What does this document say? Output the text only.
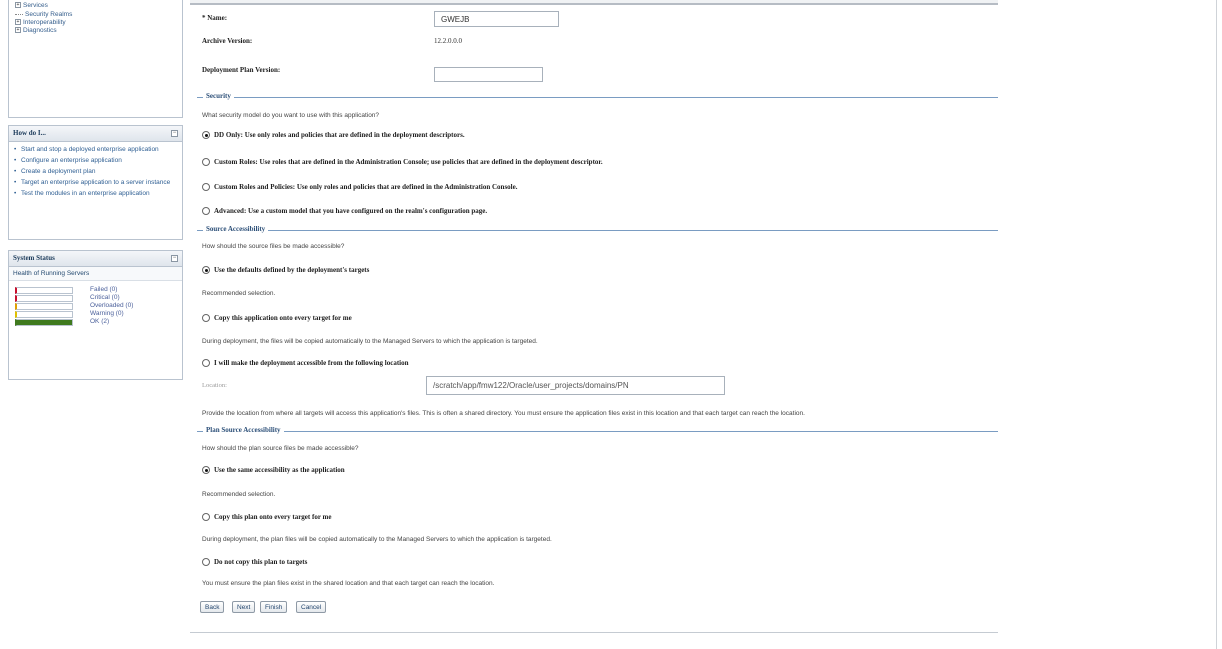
+ Services
Security Realms
+ Interoperability
+ Diagnostics
How do I...	−
• Start and stop a deployed enterprise application
• Configure an enterprise application
• Create a deployment plan
• Target an enterprise application to a server instance
• Test the modules in an enterprise application
System Status	−
Health of Running Servers
Failed (0)
Critical (0)
Overloaded (0)
Warning (0)
OK (2)
* Name:	GWEJB
Archive Version:	12.2.0.0.0
Deployment Plan Version:
Security
What security model do you want to use with this application?
DD Only: Use only roles and policies that are defined in the deployment descriptors.
Custom Roles: Use roles that are defined in the Administration Console; use policies that are defined in the deployment descriptor.
Custom Roles and Policies: Use only roles and policies that are defined in the Administration Console.
Advanced: Use a custom model that you have configured on the realm's configuration page.
Source Accessibility
How should the source files be made accessible?
Use the defaults defined by the deployment's targets
Recommended selection.
Copy this application onto every target for me
During deployment, the files will be copied automatically to the Managed Servers to which the application is targeted.
I will make the deployment accessible from the following location
Location:	/scratch/app/fmw122/Oracle/user_projects/domains/PN
Provide the location from where all targets will access this application's files. This is often a shared directory. You must ensure the application files exist in this location and that each target can reach the location.
Plan Source Accessibility
How should the plan source files be made accessible?
Use the same accessibility as the application
Recommended selection.
Copy this plan onto every target for me
During deployment, the plan files will be copied automatically to the Managed Servers to which the application is targeted.
Do not copy this plan to targets
You must ensure the plan files exist in the shared location and that each target can reach the location.
Back	Next	Finish	Cancel
